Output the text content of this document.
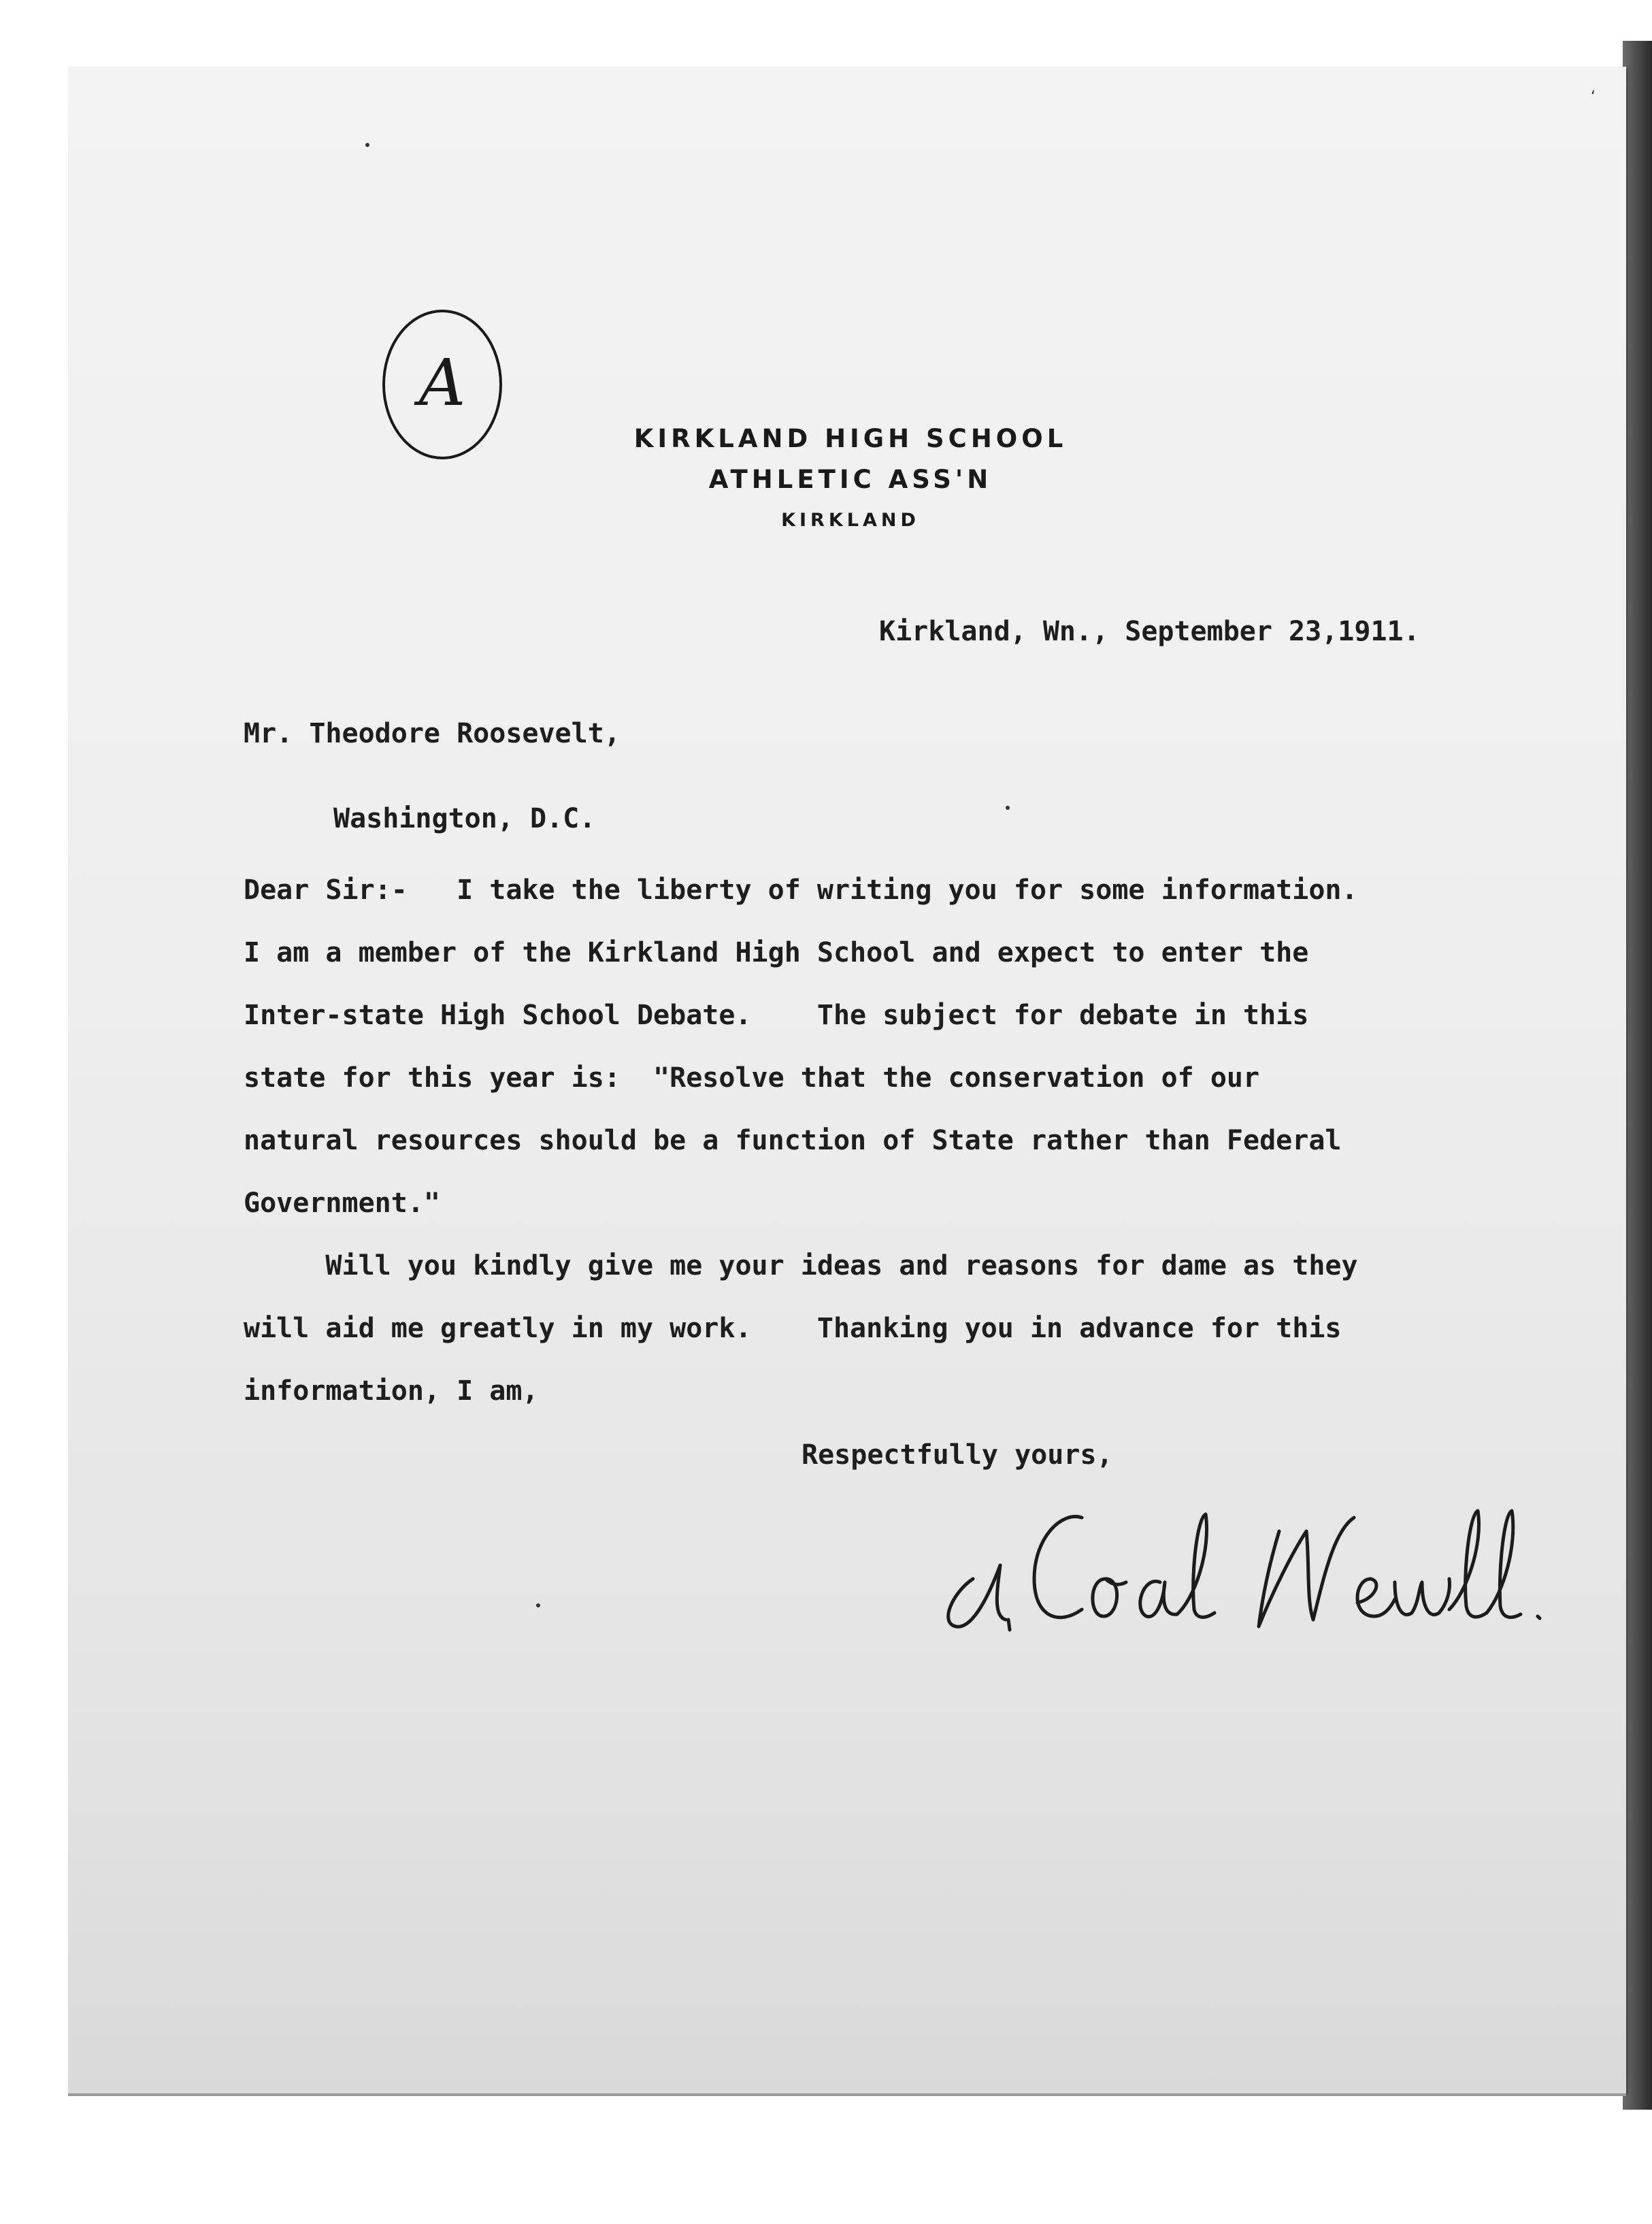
‘
A
KIRKLAND HIGH SCHOOL
ATHLETIC ASS'N
KIRKLAND
Kirkland, Wn., September 23,1911.
Mr. Theodore Roosevelt,
Washington, D.C.
Dear Sir:-   I take the liberty of writing you for some information.
I am a member of the Kirkland High School and expect to enter the
Inter-state High School Debate.    The subject for debate in this
state for this year is:  "Resolve that the conservation of our
natural resources should be a function of State rather than Federal
Government."
Will you kindly give me your ideas and reasons for dame as they
will aid me greatly in my work.    Thanking you in advance for this
information, I am,
Respectfully yours,
